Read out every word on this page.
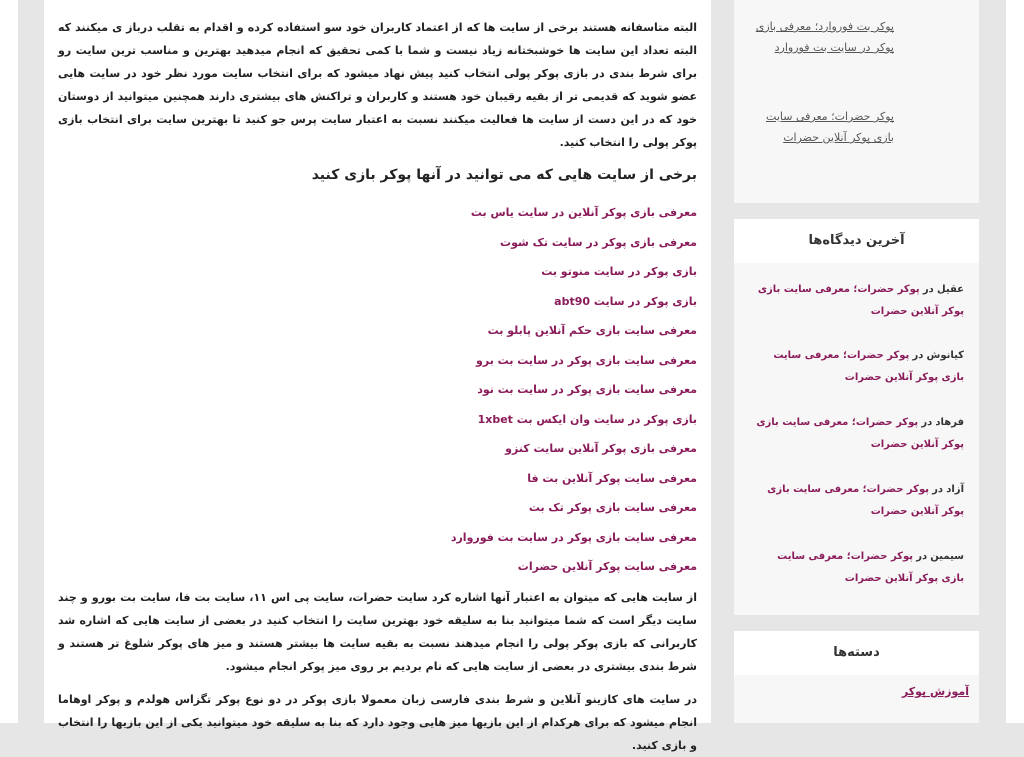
البته متاسفانه هستند برخی از سایت ها که از اعتماد کاربران خود سو استفاده کرده و اقدام به تقلب درباز ی میکنند که البته تعداد این سایت ها خوشبختانه زیاد نیست و شما با کمی تحقیق که انجام میدهید بهترین و مناسب ترین سایت رو برای شرط بندی در بازی پوکر پولی انتخاب کنید پیش نهاد میشود که برای انتخاب سایت مورد نظر خود در سایت هایی عضو شوید که قدیمی تر از بقیه رقیبان خود هستند و کاربران و تراکنش های بیشتری دارند همچنین میتوانید از دوستان خود که در این دست از سایت ها فعالیت میکنند نسبت به اعتبار سایت پرس جو کنید تا بهترین سایت برای انتخاب بازی پوکر پولی را انتخاب کنید.

برخی از سایت هایی که می توانید در آنها پوکر بازی کنید
معرفی بازی پوکر آنلاین در سایت یاس بت
معرفی بازی پوکر در سایت تک شوت
بازی پوکر در سایت منوتو بت
بازی پوکر در سایت abt90
معرفی سایت بازی حکم آنلاین پابلو بت
معرفی سایت بازی پوکر در سایت بت برو
معرفی سایت بازی پوکر در سایت بت نود
بازی پوکر در سایت وان ایکس بت 1xbet
معرفی بازی پوکر آنلاین سایت کنزو
معرفی سایت پوکر آنلاین بت فا
معرفی سایت بازی پوکر تک بت
معرفی سایت بازی پوکر در سایت بت فوروارد
معرفی سایت پوکر آنلاین حضرات

از سایت هایی که میتوان به اعتبار آنها اشاره کرد سایت حضرات، سایت پی اس ۱۱، سایت بت فا، سایت بت بورو و چند سایت دیگر است که شما میتوانید بنا به سلیقه خود بهترین سایت را انتخاب کنید در بعضی از سایت هایی که اشاره شد کاربرانی که بازی پوکر پولی را انجام میدهند نسبت به بقیه سایت ها بیشتر هستند و میز های پوکر شلوغ تر هستند و شرط بندی بیشتری در بعضی از سایت هایی که نام بردیم بر روی میز پوکر انجام میشود.

در سایت های کازینو آنلاین و شرط بندی فارسی زبان معمولا بازی پوکر در دو نوع پوکر تگزاس هولدم و پوکر اوهاما انجام میشود که برای هرکدام از این بازیها میز هایی وجود دارد که بنا به سلیقه خود میتوانید یکی از این بازیها را انتخاب و بازی کنید.

پوکر بت فوروارد؛ معرفی بازی پوکر در سایت بت فوروارد
پوکر حضرات؛ معرفی سایت بازی پوکر آنلاین حضرات
آخرین دیدگاه‌ها
عقیل در پوکر حضرات؛ معرفی سایت بازی پوکر آنلاین حضرات
کیانوش در پوکر حضرات؛ معرفی سایت بازی پوکر آنلاین حضرات
فرهاد در پوکر حضرات؛ معرفی سایت بازی پوکر آنلاین حضرات
آزاد در پوکر حضرات؛ معرفی سایت بازی پوکر آنلاین حضرات
سیمین در پوکر حضرات؛ معرفی سایت بازی پوکر آنلاین حضرات
دسته‌ها
آموزش پوکر
